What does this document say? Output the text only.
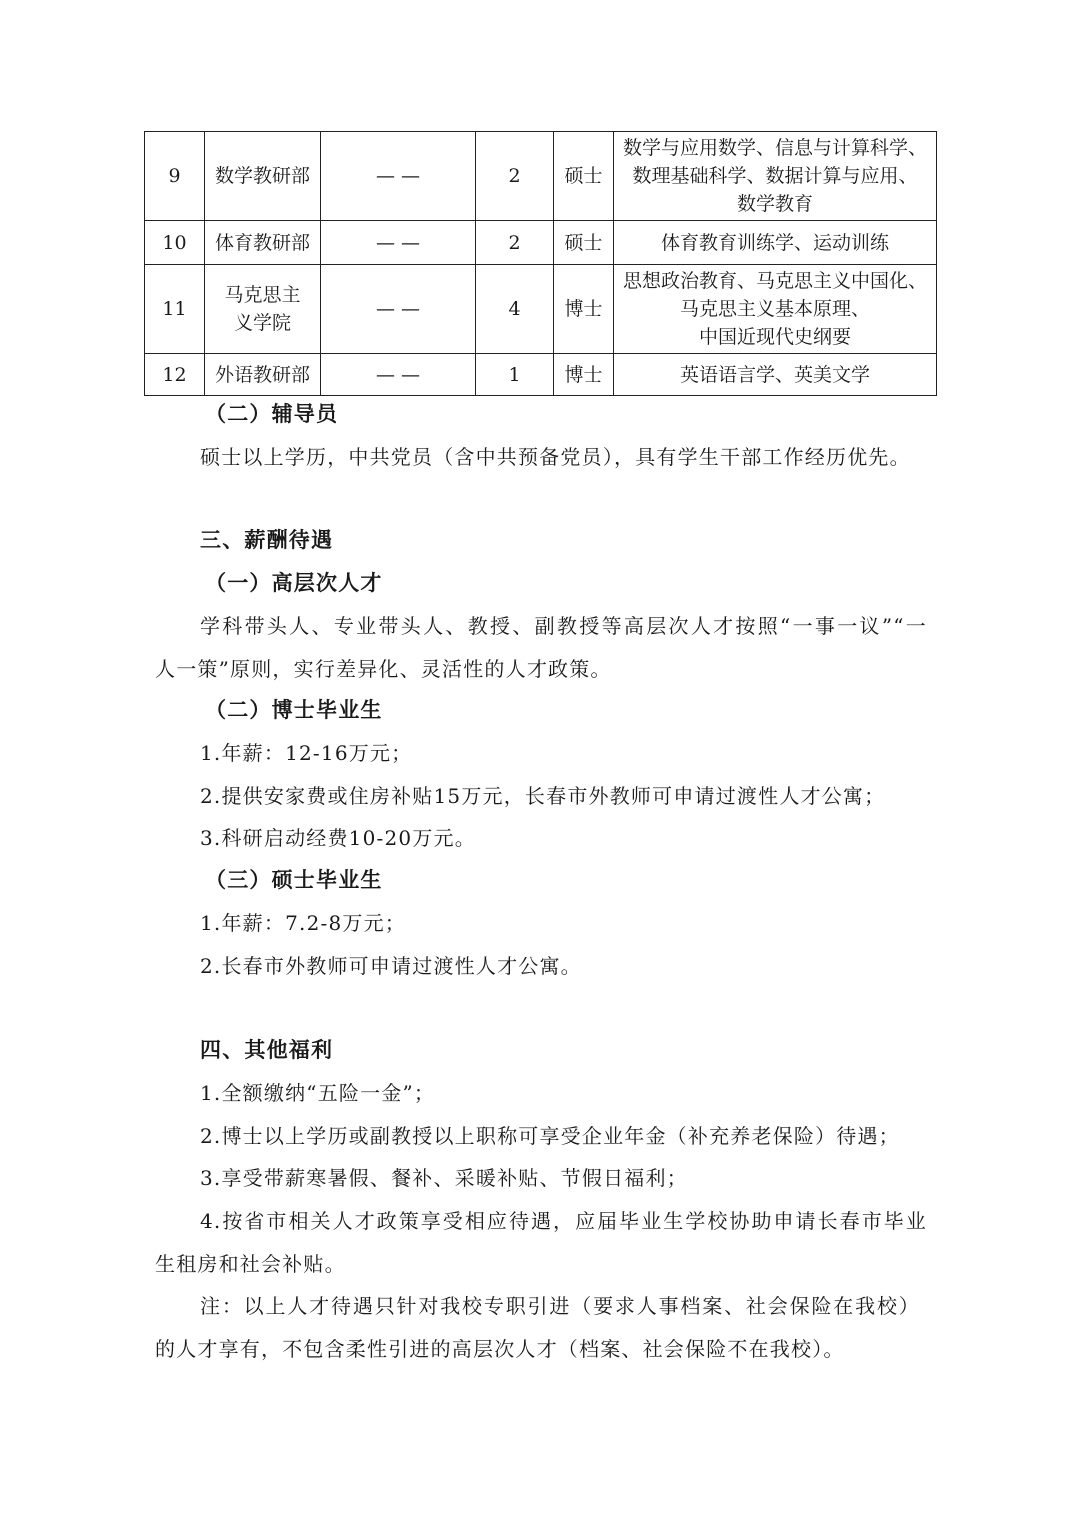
9	数学教研部	— —	2	硕士	数学与应用数学、信息与计算科学、
数理基础科学、数据计算与应用、
数学教育

10	体育教研部	— —	2	硕士	体育教育训练学、运动训练

11	马克思主义学院	— —	4	博士	思想政治教育、马克思主义中国化、
马克思主义基本原理、
中国近现代史纲要

12	外语教研部	— —	1	博士	英语语言学、英美文学
（二）辅导员
硕士以上学历，中共党员（含中共预备党员），具有学生干部工作经历优先。
三、薪酬待遇
（一）高层次人才
学科带头人、专业带头人、教授、副教授等高层次人才按照“一事一议”“一
人一策”原则，实行差异化、灵活性的人才政策。
（二）博士毕业生
1.年薪：12-16万元；
2.提供安家费或住房补贴15万元，长春市外教师可申请过渡性人才公寓；
3.科研启动经费10-20万元。
（三）硕士毕业生
1.年薪：7.2-8万元；
2.长春市外教师可申请过渡性人才公寓。
四、其他福利
1.全额缴纳“五险一金”；
2.博士以上学历或副教授以上职称可享受企业年金（补充养老保险）待遇；
3.享受带薪寒暑假、餐补、采暖补贴、节假日福利；
4.按省市相关人才政策享受相应待遇，应届毕业生学校协助申请长春市毕业
生租房和社会补贴。
注：以上人才待遇只针对我校专职引进（要求人事档案、社会保险在我校）
的人才享有，不包含柔性引进的高层次人才（档案、社会保险不在我校）。
